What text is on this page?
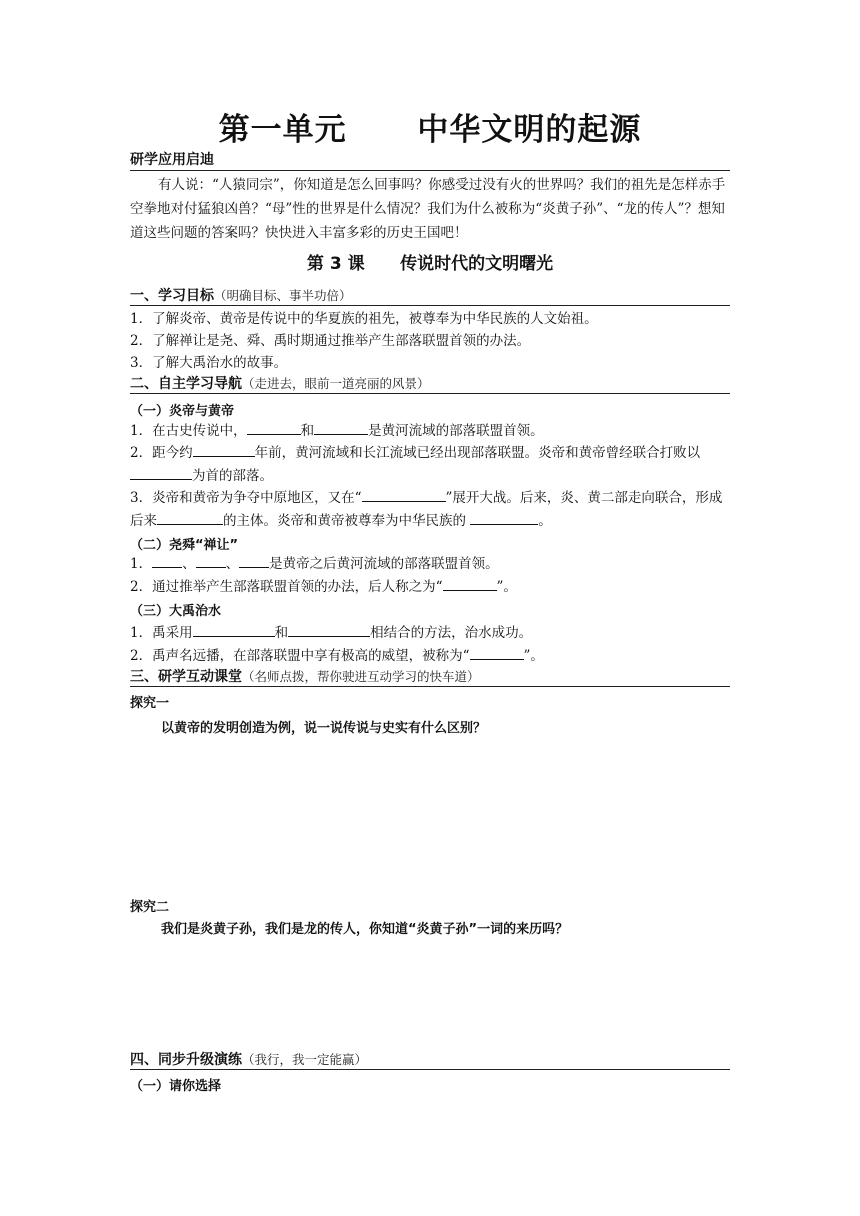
第一单元      中华文明的起源
研学应用启迪
有人说：“人猿同宗”，你知道是怎么回事吗？你感受过没有火的世界吗？我们的祖先是怎样赤手空拳地对付猛狼凶兽？“母”性的世界是什么情况？我们为什么被称为“炎黄子孙”、“龙的传人”？想知道这些问题的答案吗？快快进入丰富多彩的历史王国吧！
第 3 课      传说时代的文明曙光
一、学习目标（明确目标、事半功倍）
1．了解炎帝、黄帝是传说中的华夏族的祖先，被尊奉为中华民族的人文始祖。
2．了解禅让是尧、舜、禹时期通过推举产生部落联盟首领的办法。
3．了解大禹治水的故事。
二、自主学习导航（走进去，眼前一道亮丽的风景）
（一）炎帝与黄帝
1．在古史传说中，	和	是黄河流域的部落联盟首领。
2．距今约	年前，黄河流域和长江流域已经出现部落联盟。炎帝和黄帝曾经联合打败以为首的部落。
3．炎帝和黄帝为争夺中原地区，又在“	”展开大战。后来，炎、黄二部走向联合，形成后来	的主体。炎帝和黄帝被尊奉为中华民族的	。
（二）尧舜“禅让”
1． 、 、 是黄帝之后黄河流域的部落联盟首领。
2．通过推举产生部落联盟首领的办法，后人称之为“	”。
（三）大禹治水
1．禹采用	和	相结合的方法，治水成功。
2．禹声名远播，在部落联盟中享有极高的威望，被称为“	”。
三、研学互动课堂（名师点拨，帮你驶进互动学习的快车道）
探究一
以黄帝的发明创造为例，说一说传说与史实有什么区别？
探究二
我们是炎黄子孙，我们是龙的传人，你知道“炎黄子孙”一词的来历吗？
四、同步升级演练（我行，我一定能赢）
（一）请你选择
